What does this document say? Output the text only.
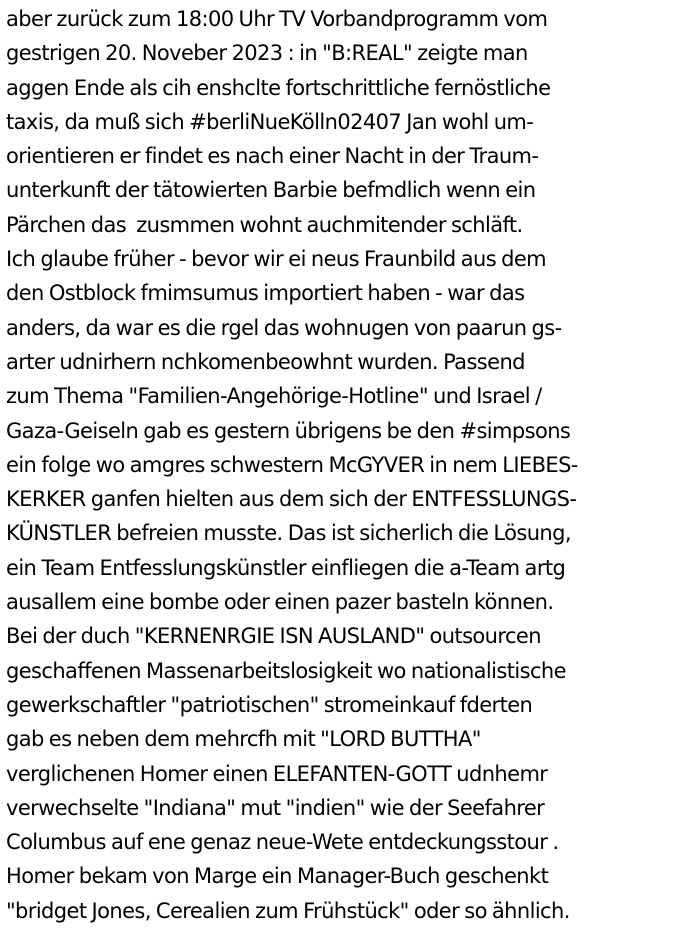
aber zurück zum 18:00 Uhr TV Vorbandprogramm vom
gestrigen 20. Novеber 2023 : in "B:REAL" zeigte man
aggen Ende als cih enshclte fortschrittliche fernöstliche
taxis, da muß sich #berliNueKölln02407 Jan wohl um-
orientieren er findet es nach einer Nacht in der Traum-
unterkunft der tätowierten Barbie befmdlich wenn ein
Pärchen das  zusmmen wohnt auchmitender schläft.
Ich glaube früher - bevor wir ei neus Fraunbild aus dem
den Ostblock fmimsumus importiert haben - war das
anders, da war es die rgel das wohnugen von paarun gs-
arter udnirhern nchkomenbeowhnt wurden. Passend
zum Thema "Familien-Angehörige-Hotline" und Israel /
Gaza-Geiseln gab es gestern übrigens be den #simpsons
ein folge wo amgres schwestern McGYVER in nem LIEBES-
KERKER ganfen hielten aus dem sich der ENTFESSLUNGS-
KÜNSTLER befreien musste. Das ist sicherlich die Lösung,
ein Team Entfesslungskünstler einfliegen die a-Team artg
ausallem eine bombe oder einen pazer basteln können.
Bei der duch "KERNENRGIE ISN AUSLAND" outsourcen
geschaffenen Massenarbeitslosigkeit wo nationalistische
gewerkschaftler "patriotischen" stromeinkauf fderten
gab es neben dem mehrcfh mit "LORD BUTTHA"
verglichenen Homer einen ELEFANTEN-GOTT udnhemr
verwechselte "Indiana" mut "indien" wie der Seefahrer
Columbus auf ene genaz neue-Wete entdeckungsstour .
Homer bekam von Marge ein Manager-Buch geschenkt
"bridget Jones, Cerealien zum Frühstück" oder so ähnlich.
